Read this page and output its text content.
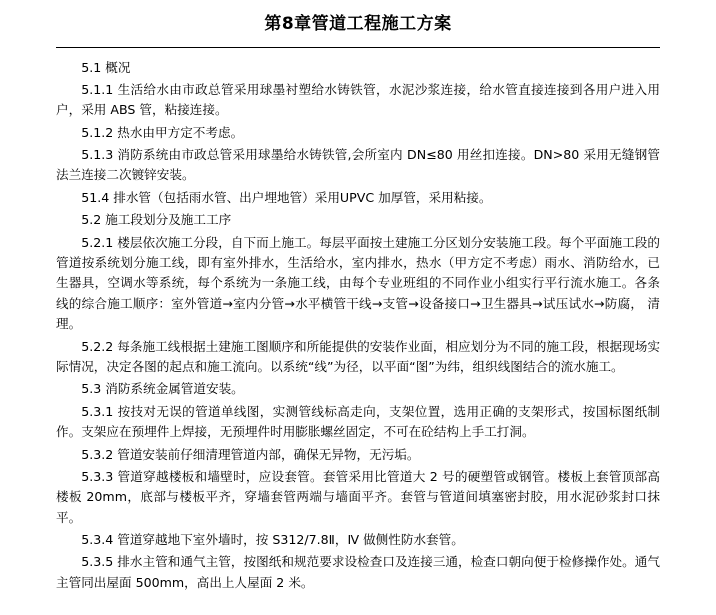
第8章管道工程施工方案

5.1 概况

5.1.1 生活给水由市政总管采用球墨衬塑给水铸铁管，水泥沙浆连接，给水管直接连接到各用户进入用户，采用 ABS 管，粘接连接。

5.1.2 热水由甲方定不考虑。

5.1.3 消防系统由市政总管采用球墨给水铸铁管,会所室内 DN≤80 用丝扣连接。DN>80 采用无缝钢管法兰连接二次镀锌安装。

51.4 排水管（包括雨水管、出户埋地管）采用UPVC 加厚管，采用粘接。

5.2 施工段划分及施工工序

5.2.1 楼层依次施工分段，自下而上施工。每层平面按土建施工分区划分安装施工段。每个平面施工段的管道按系统划分施工线，即有室外排水，生活给水，室内排水，热水（甲方定不考虑）雨水、消防给水，已生器具，空调水等系统，每个系统为一条施工线，由每个专业班组的不同作业小组实行平行流水施工。各条线的综合施工顺序：室外管道→室内分管→水平横管干线→支管→设备接口→卫生器具→试压试水→防腐， 清理。

5.2.2 每条施工线根据土建施工图顺序和所能提供的安装作业面，相应划分为不同的施工段，根据现场实际情况，决定各图的起点和施工流向。以系统“线”为径，以平面“图”为纬，组织线图结合的流水施工。

5.3 消防系统金属管道安装。

5.3.1 按技对无误的管道单线图，实测管线标高走向，支架位置，选用正确的支架形式，按国标图纸制作。支架应在预埋件上焊接，无预埋件时用膨胀螺丝固定，不可在砼结构上手工打洞。

5.3.2 管道安装前仔细清理管道内部，确保无异物，无污垢。

5.3.3 管道穿越楼板和墙壁时，应设套管。套管采用比管道大 2 号的硬塑管或钢管。楼板上套管顶部高楼板 20mm，底部与楼板平齐，穿墙套管两端与墙面平齐。套管与管道间填塞密封胶，用水泥砂浆封口抹平。

5.3.4 管道穿越地下室外墙时，按 S312/7.8Ⅱ，Ⅳ 做侧性防水套管。

5.3.5 排水主管和通气主管，按图纸和规范要求设检查口及连接三通，检查口朝向便于检修操作处。通气主管同出屋面 500mm，高出上人屋面 2 米。
